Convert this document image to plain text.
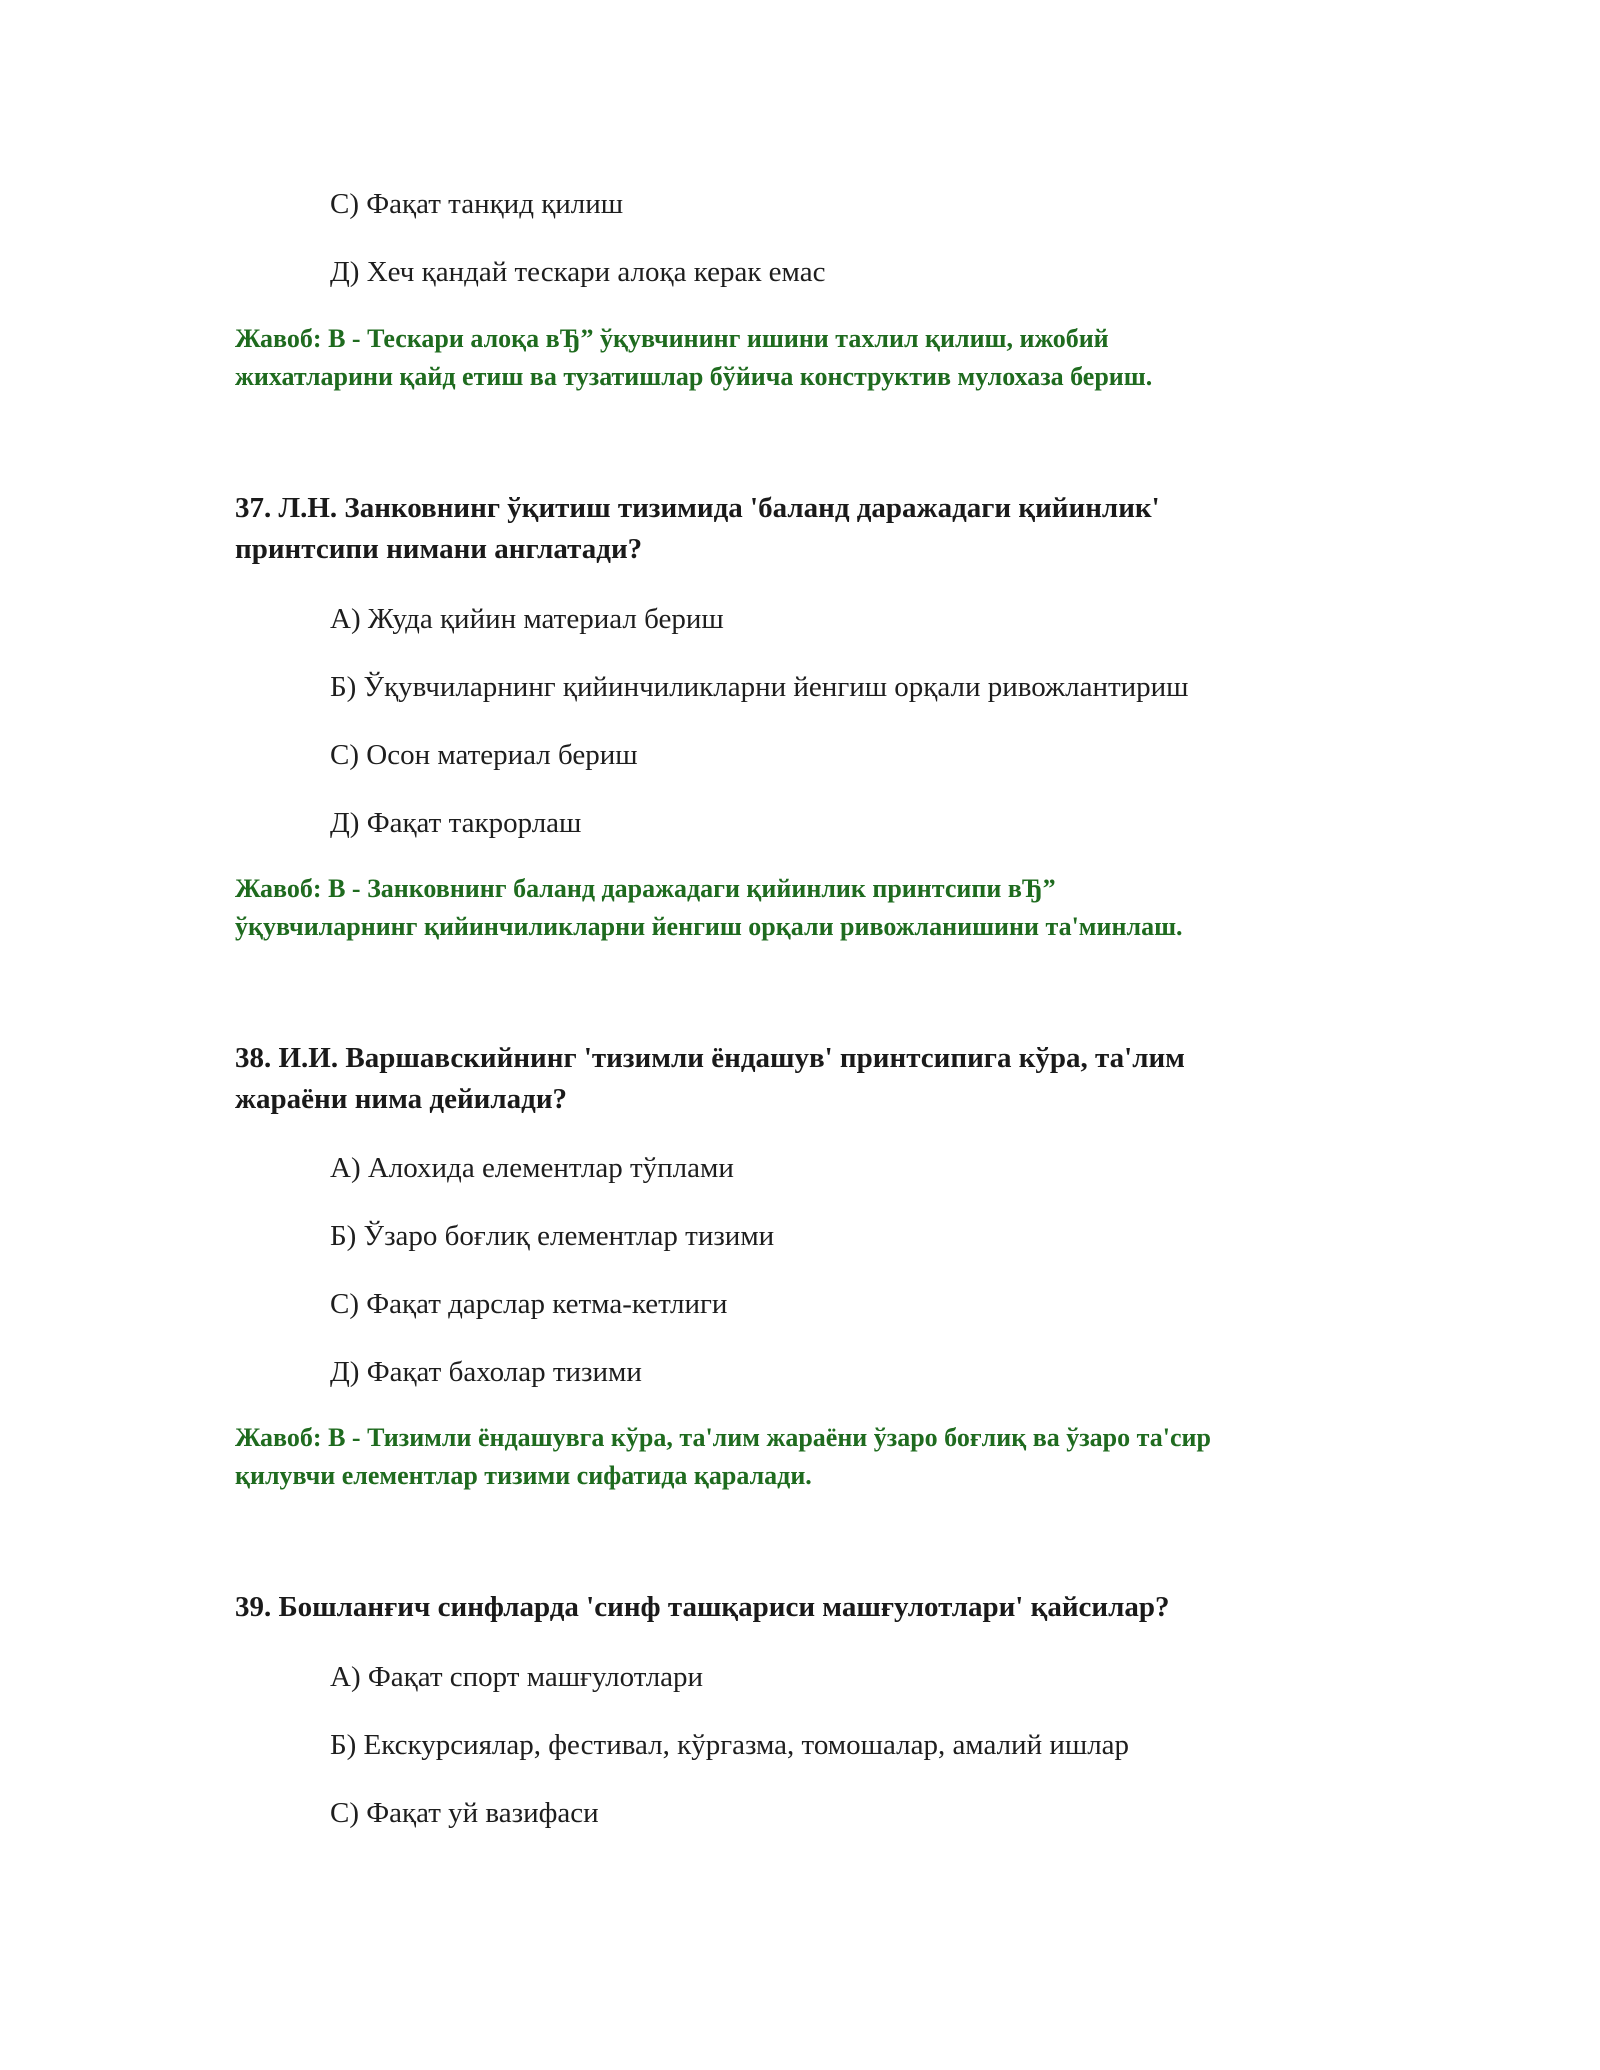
С) Фақат танқид қилиш
Д) Хеч қандай тескари алоқа керак емас
Жавоб: В - Тескари алоқа вЂ” ўқувчининг ишини тахлил қилиш, ижобий
жихатларини қайд етиш ва тузатишлар бўйича конструктив мулохаза бериш.
37. Л.Н. Занковнинг ўқитиш тизимида 'баланд даражадаги қийинлик'
принтсипи нимани англатади?
А) Жуда қийин материал бериш
Б) Ўқувчиларнинг қийинчиликларни йенгиш орқали ривожлантириш
С) Осон материал бериш
Д) Фақат такрорлаш
Жавоб: В - Занковнинг баланд даражадаги қийинлик принтсипи вЂ”
ўқувчиларнинг қийинчиликларни йенгиш орқали ривожланишини та'минлаш.
38. И.И. Варшавскийнинг 'тизимли ёндашув' принтсипига кўра, та'лим
жараёни нима дейилади?
А) Алохида елементлар тўплами
Б) Ўзаро боғлиқ елементлар тизими
С) Фақат дарслар кетма-кетлиги
Д) Фақат бахолар тизими
Жавоб: В - Тизимли ёндашувга кўра, та'лим жараёни ўзаро боғлиқ ва ўзаро та'сир
қилувчи елементлар тизими сифатида қаралади.
39. Бошланғич синфларда 'синф ташқариси машғулотлари' қайсилар?
А) Фақат спорт машғулотлари
Б) Екскурсиялар, фестивал, кўргазма, томошалар, амалий ишлар
С) Фақат уй вазифаси
